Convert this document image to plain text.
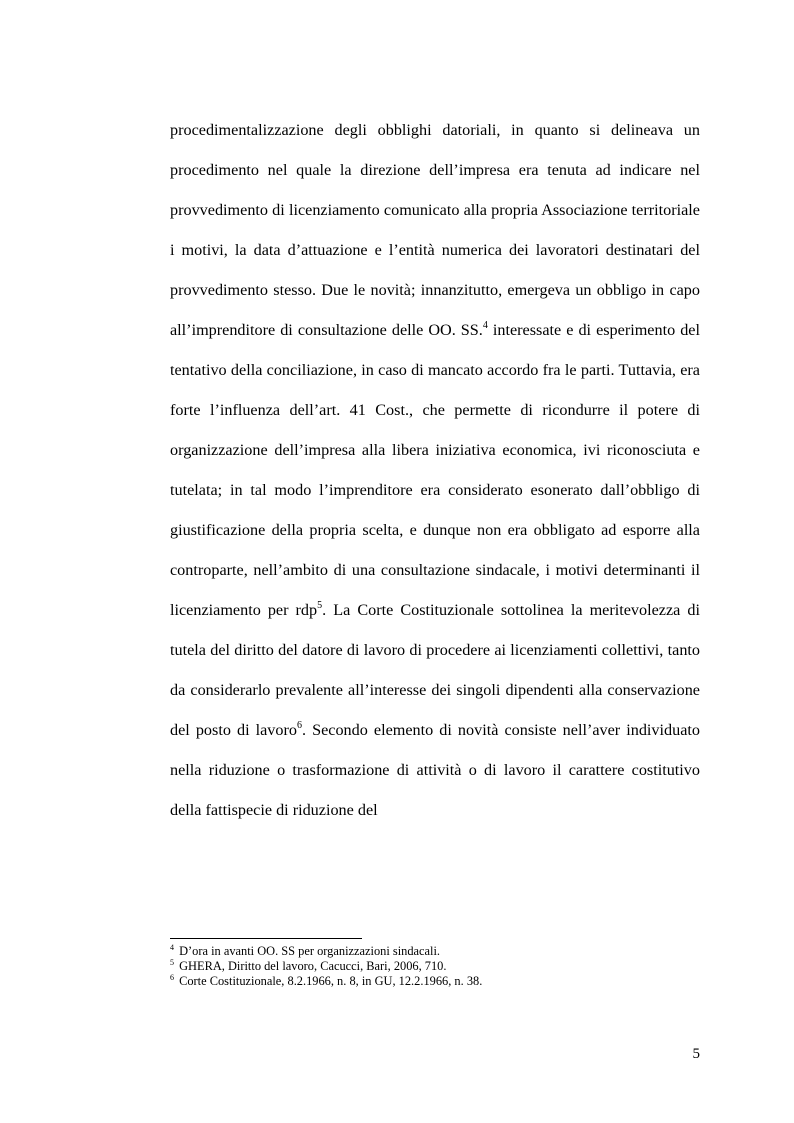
procedimentalizzazione degli obblighi datoriali, in quanto si delineava un procedimento nel quale la direzione dell’impresa era tenuta ad indicare nel provvedimento di licenziamento comunicato alla propria Associazione territoriale i motivi, la data d’attuazione e l’entità numerica dei lavoratori destinatari del provvedimento stesso. Due le novità; innanzitutto, emergeva un obbligo in capo all’imprenditore di consultazione delle OO. SS.$^4$ interessate e di esperimento del tentativo della conciliazione, in caso di mancato accordo fra le parti. Tuttavia, era forte l’influenza dell’art. 41 Cost., che permette di ricondurre il potere di organizzazione dell’impresa alla libera iniziativa economica, ivi riconosciuta e tutelata; in tal modo l’imprenditore era considerato esonerato dall’obbligo di giustificazione della propria scelta, e dunque non era obbligato ad esporre alla controparte, nell’ambito di una consultazione sindacale, i motivi determinanti il licenziamento per rdp$^5$. La Corte Costituzionale sottolinea la meritevolezza di tutela del diritto del datore di lavoro di procedere ai licenziamenti collettivi, tanto da considerarlo prevalente all’interesse dei singoli dipendenti alla conservazione del posto di lavoro$^6$. Secondo elemento di novità consiste nell’aver individuato nella riduzione o trasformazione di attività o di lavoro il carattere costitutivo della fattispecie di riduzione del

$^4$ D’ora in avanti OO. SS per organizzazioni sindacali.
$^5$ GHERA, Diritto del lavoro, Cacucci, Bari, 2006, 710.
$^6$ Corte Costituzionale, 8.2.1966, n. 8, in GU, 12.2.1966, n. 38.
5
